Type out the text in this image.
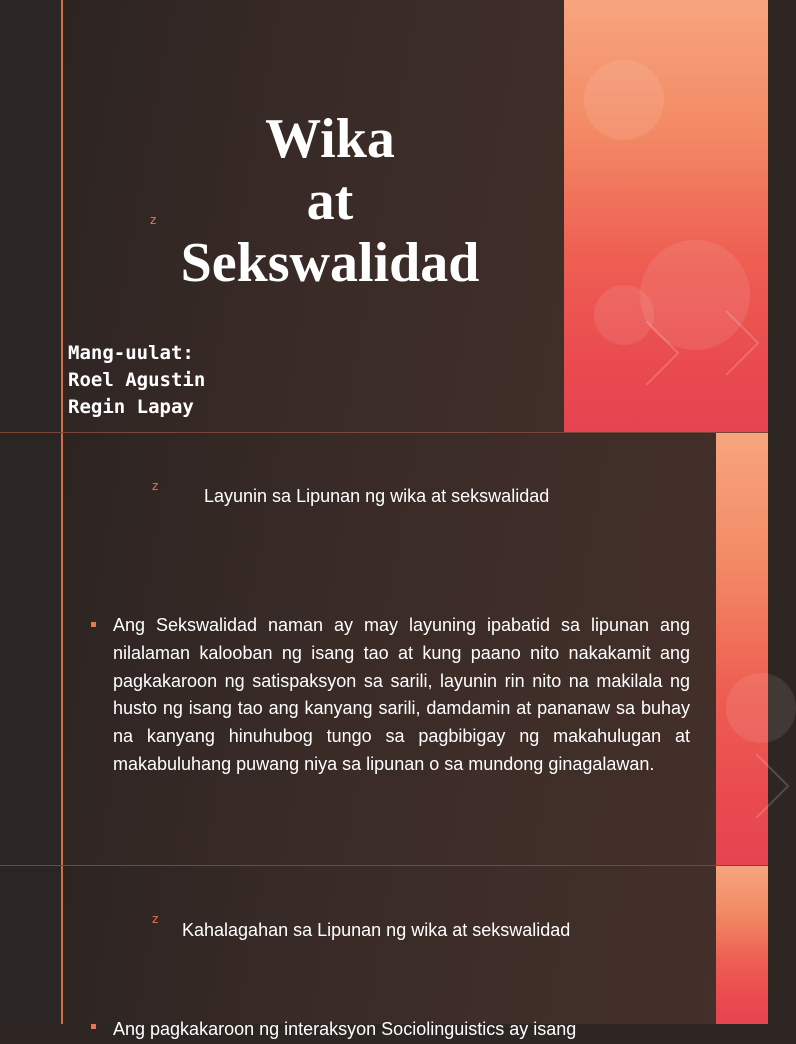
z
Wika
at
Sekswalidad
Mang-uulat:
Roel Agustin
Regin Lapay
z	Layunin sa Lipunan ng wika at sekswalidad
Ang Sekswalidad naman ay may layuning ipabatid sa lipunan ang nilalaman kalooban ng isang tao at kung paano nito nakakamit ang pagkakaroon ng satispaksyon sa sarili, layunin rin nito na makilala ng husto ng isang tao ang kanyang sarili, damdamin at pananaw sa buhay na kanyang hinuhubog tungo sa pagbibigay ng makahulugan at makabuluhang puwang niya sa lipunan o sa mundong ginagalawan.
z
Kahalagahan sa Lipunan ng wika at sekswalidad
Ang pagkakaroon ng interaksyon Sociolinguistics ay isang
